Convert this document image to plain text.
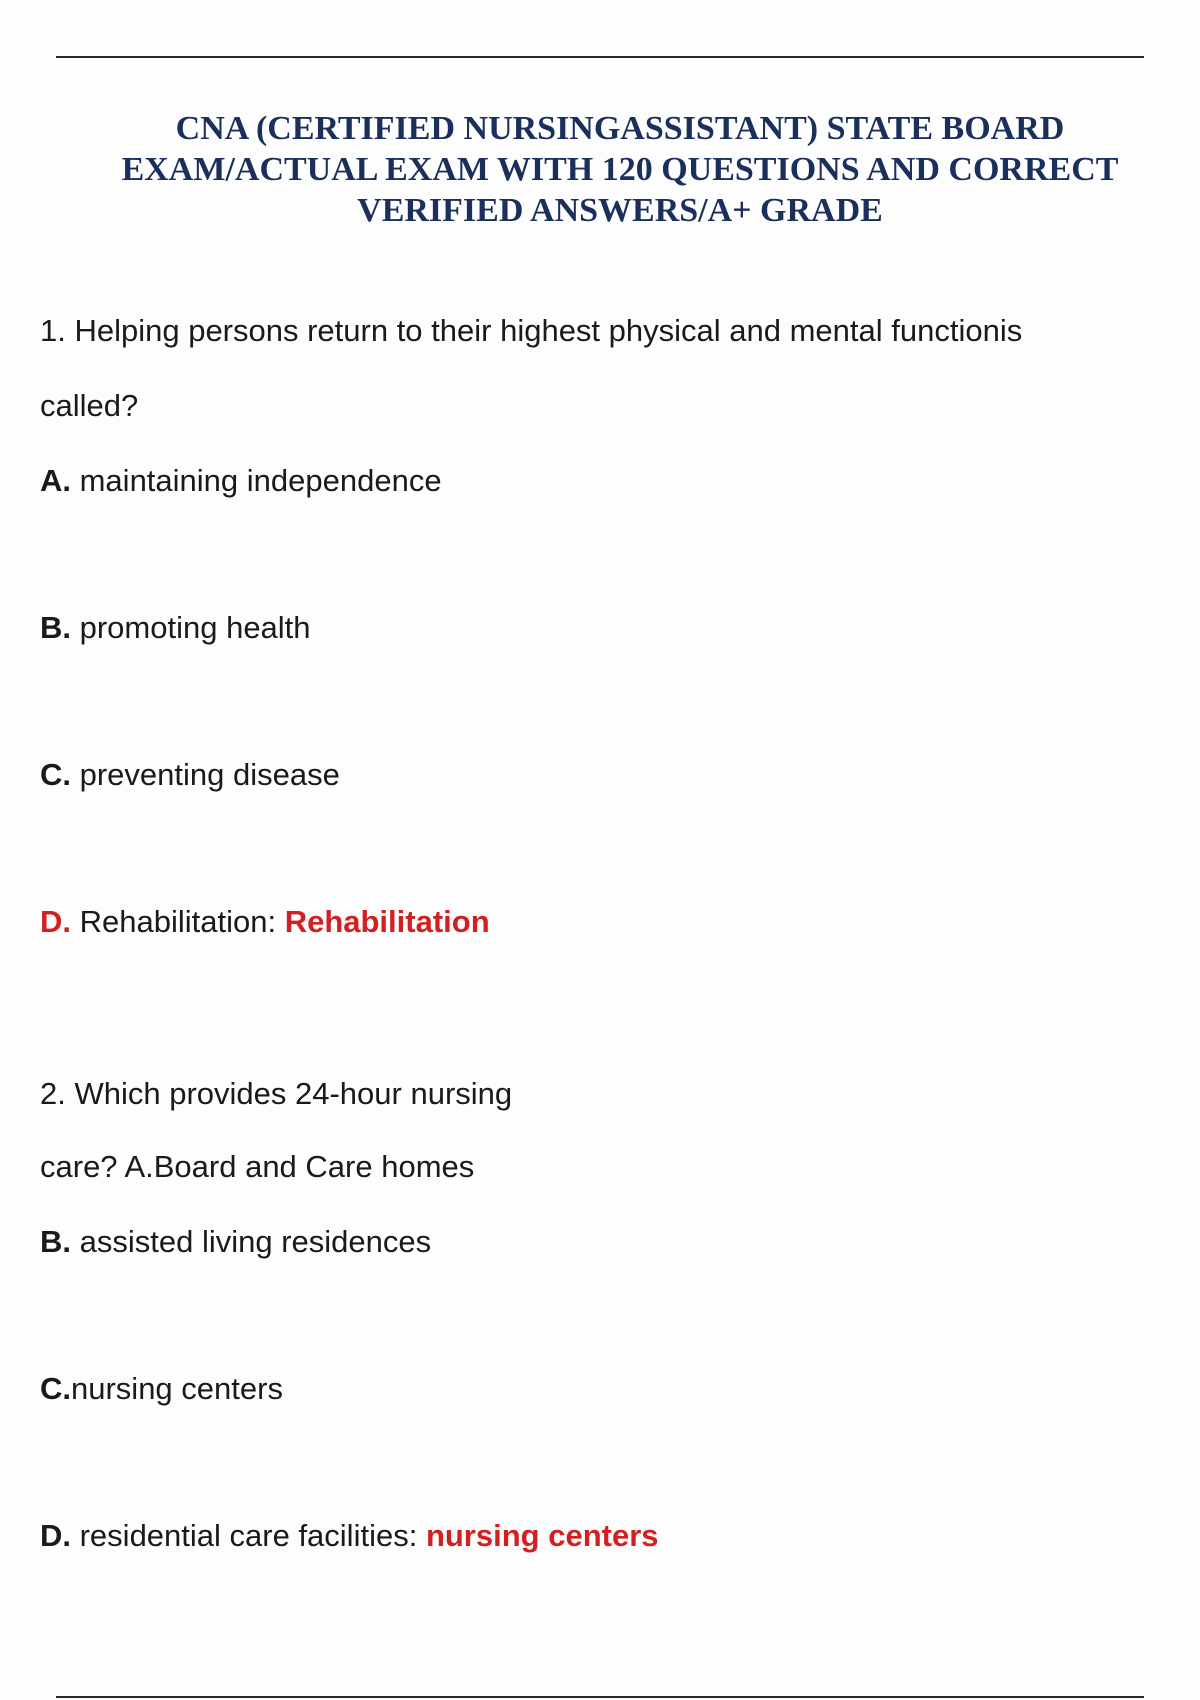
CNA (CERTIFIED NURSINGASSISTANT) STATE BOARD
EXAM/ACTUAL EXAM WITH 120 QUESTIONS AND CORRECT
VERIFIED ANSWERS/A+ GRADE

1. Helping persons return to their highest physical and mental functionis

called?

A. maintaining independence

B. promoting health

C. preventing disease

D. Rehabilitation: Rehabilitation

2. Which provides 24-hour nursing

care? A.Board and Care homes

B. assisted living residences

C.nursing centers

D. residential care facilities: nursing centers
